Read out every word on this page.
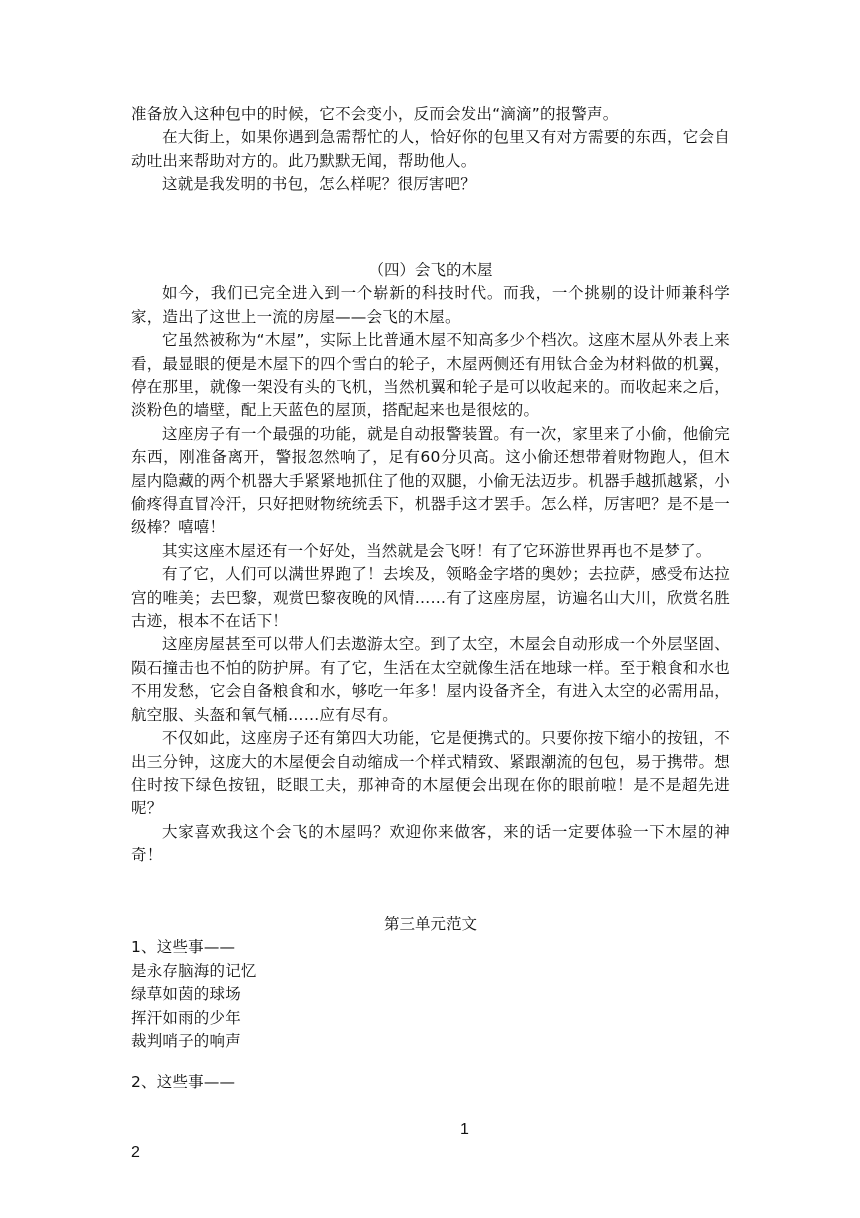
准备放入这种包中的时候，它不会变小，反而会发出“滴滴”的报警声。

在大街上，如果你遇到急需帮忙的人，恰好你的包里又有对方需要的东西，它会自动吐出来帮助对方的。此乃默默无闻，帮助他人。

这就是我发明的书包，怎么样呢？很厉害吧？

（四）会飞的木屋

如今，我们已完全进入到一个崭新的科技时代。而我，一个挑剔的设计师兼科学家，造出了这世上一流的房屋——会飞的木屋。

它虽然被称为“木屋”，实际上比普通木屋不知高多少个档次。这座木屋从外表上来看，最显眼的便是木屋下的四个雪白的轮子，木屋两侧还有用钛合金为材料做的机翼，停在那里，就像一架没有头的飞机，当然机翼和轮子是可以收起来的。而收起来之后，淡粉色的墙壁，配上天蓝色的屋顶，搭配起来也是很炫的。

这座房子有一个最强的功能，就是自动报警装置。有一次，家里来了小偷，他偷完东西，刚准备离开，警报忽然响了，足有60分贝高。这小偷还想带着财物跑人，但木屋内隐藏的两个机器大手紧紧地抓住了他的双腿，小偷无法迈步。机器手越抓越紧，小偷疼得直冒冷汗，只好把财物统统丢下，机器手这才罢手。怎么样，厉害吧？是不是一级棒？嘻嘻！

其实这座木屋还有一个好处，当然就是会飞呀！有了它环游世界再也不是梦了。

有了它，人们可以满世界跑了！去埃及，领略金字塔的奥妙；去拉萨，感受布达拉宫的唯美；去巴黎，观赏巴黎夜晚的风情……有了这座房屋，访遍名山大川，欣赏名胜古迹，根本不在话下！

这座房屋甚至可以带人们去遨游太空。到了太空，木屋会自动形成一个外层坚固、陨石撞击也不怕的防护屏。有了它，生活在太空就像生活在地球一样。至于粮食和水也不用发愁，它会自备粮食和水，够吃一年多！屋内设备齐全，有进入太空的必需用品，航空服、头盔和氧气桶……应有尽有。

不仅如此，这座房子还有第四大功能，它是便携式的。只要你按下缩小的按钮，不出三分钟，这庞大的木屋便会自动缩成一个样式精致、紧跟潮流的包包，易于携带。想住时按下绿色按钮，眨眼工夫，那神奇的木屋便会出现在你的眼前啦！是不是超先进呢？

大家喜欢我这个会飞的木屋吗？欢迎你来做客，来的话一定要体验一下木屋的神奇！

第三单元范文

1、这些事——

是永存脑海的记忆

绿草如茵的球场

挥汗如雨的少年

裁判哨子的响声

2、这些事——

1
2
